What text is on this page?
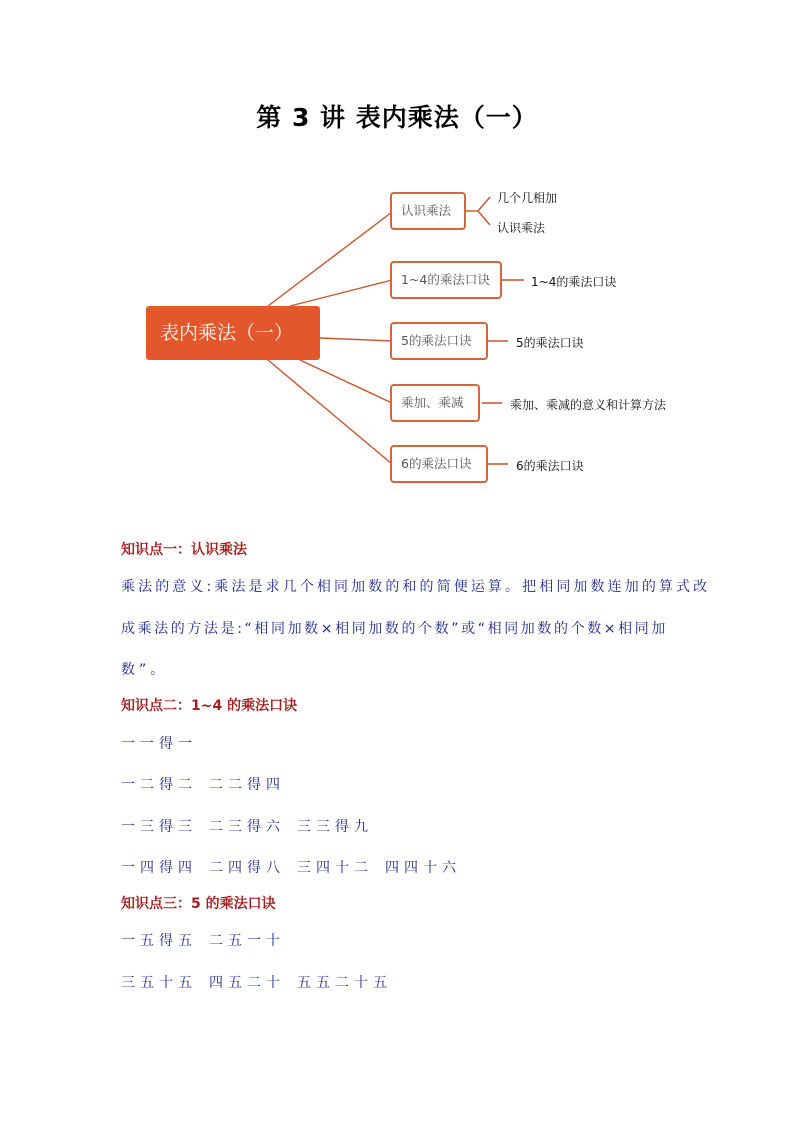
第 3 讲 表内乘法（一）
表内乘法（一）
认识乘法
1~4的乘法口诀
5的乘法口诀
乘加、乘减
6的乘法口诀
几个几相加
认识乘法
1~4的乘法口诀
5的乘法口诀
乘加、乘减的意义和计算方法
6的乘法口诀
知识点一：认识乘法
乘法的意义:乘法是求几个相同加数的和的简便运算。把相同加数连加的算式改
成乘法的方法是:“相同加数×相同加数的个数”或“相同加数的个数×相同加
数”。
知识点二：1~4 的乘法口诀
一一得一
一二得二 二二得四
一三得三 二三得六 三三得九
一四得四 二四得八 三四十二 四四十六
知识点三：5 的乘法口诀
一五得五 二五一十
三五十五 四五二十 五五二十五
